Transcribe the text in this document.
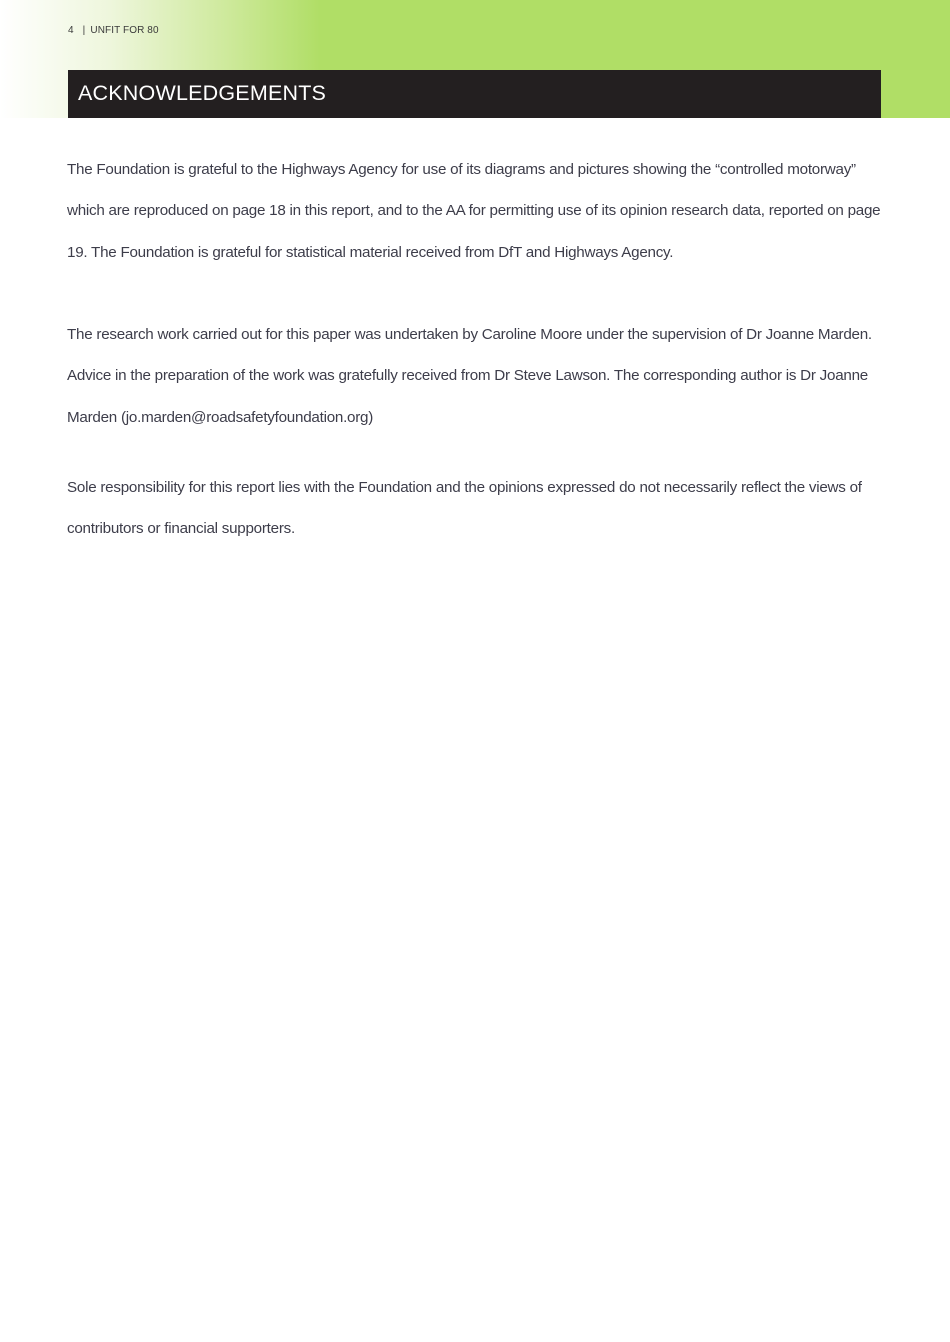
4 | UNFIT FOR 80
ACKNOWLEDGEMENTS
The Foundation is grateful to the Highways Agency for use of its diagrams and pictures showing the “controlled motorway” which are reproduced on page 18 in this report, and to the AA for permitting use of its opinion research data, reported on page 19. The Foundation is grateful for statistical material received from DfT and Highways Agency.
The research work carried out for this paper was undertaken by Caroline Moore under the supervision of Dr Joanne Marden. Advice in the preparation of the work was gratefully received from Dr Steve Lawson. The corresponding author is Dr Joanne Marden (jo.marden@roadsafetyfoundation.org)
Sole responsibility for this report lies with the Foundation and the opinions expressed do not necessarily reflect the views of contributors or financial supporters.
